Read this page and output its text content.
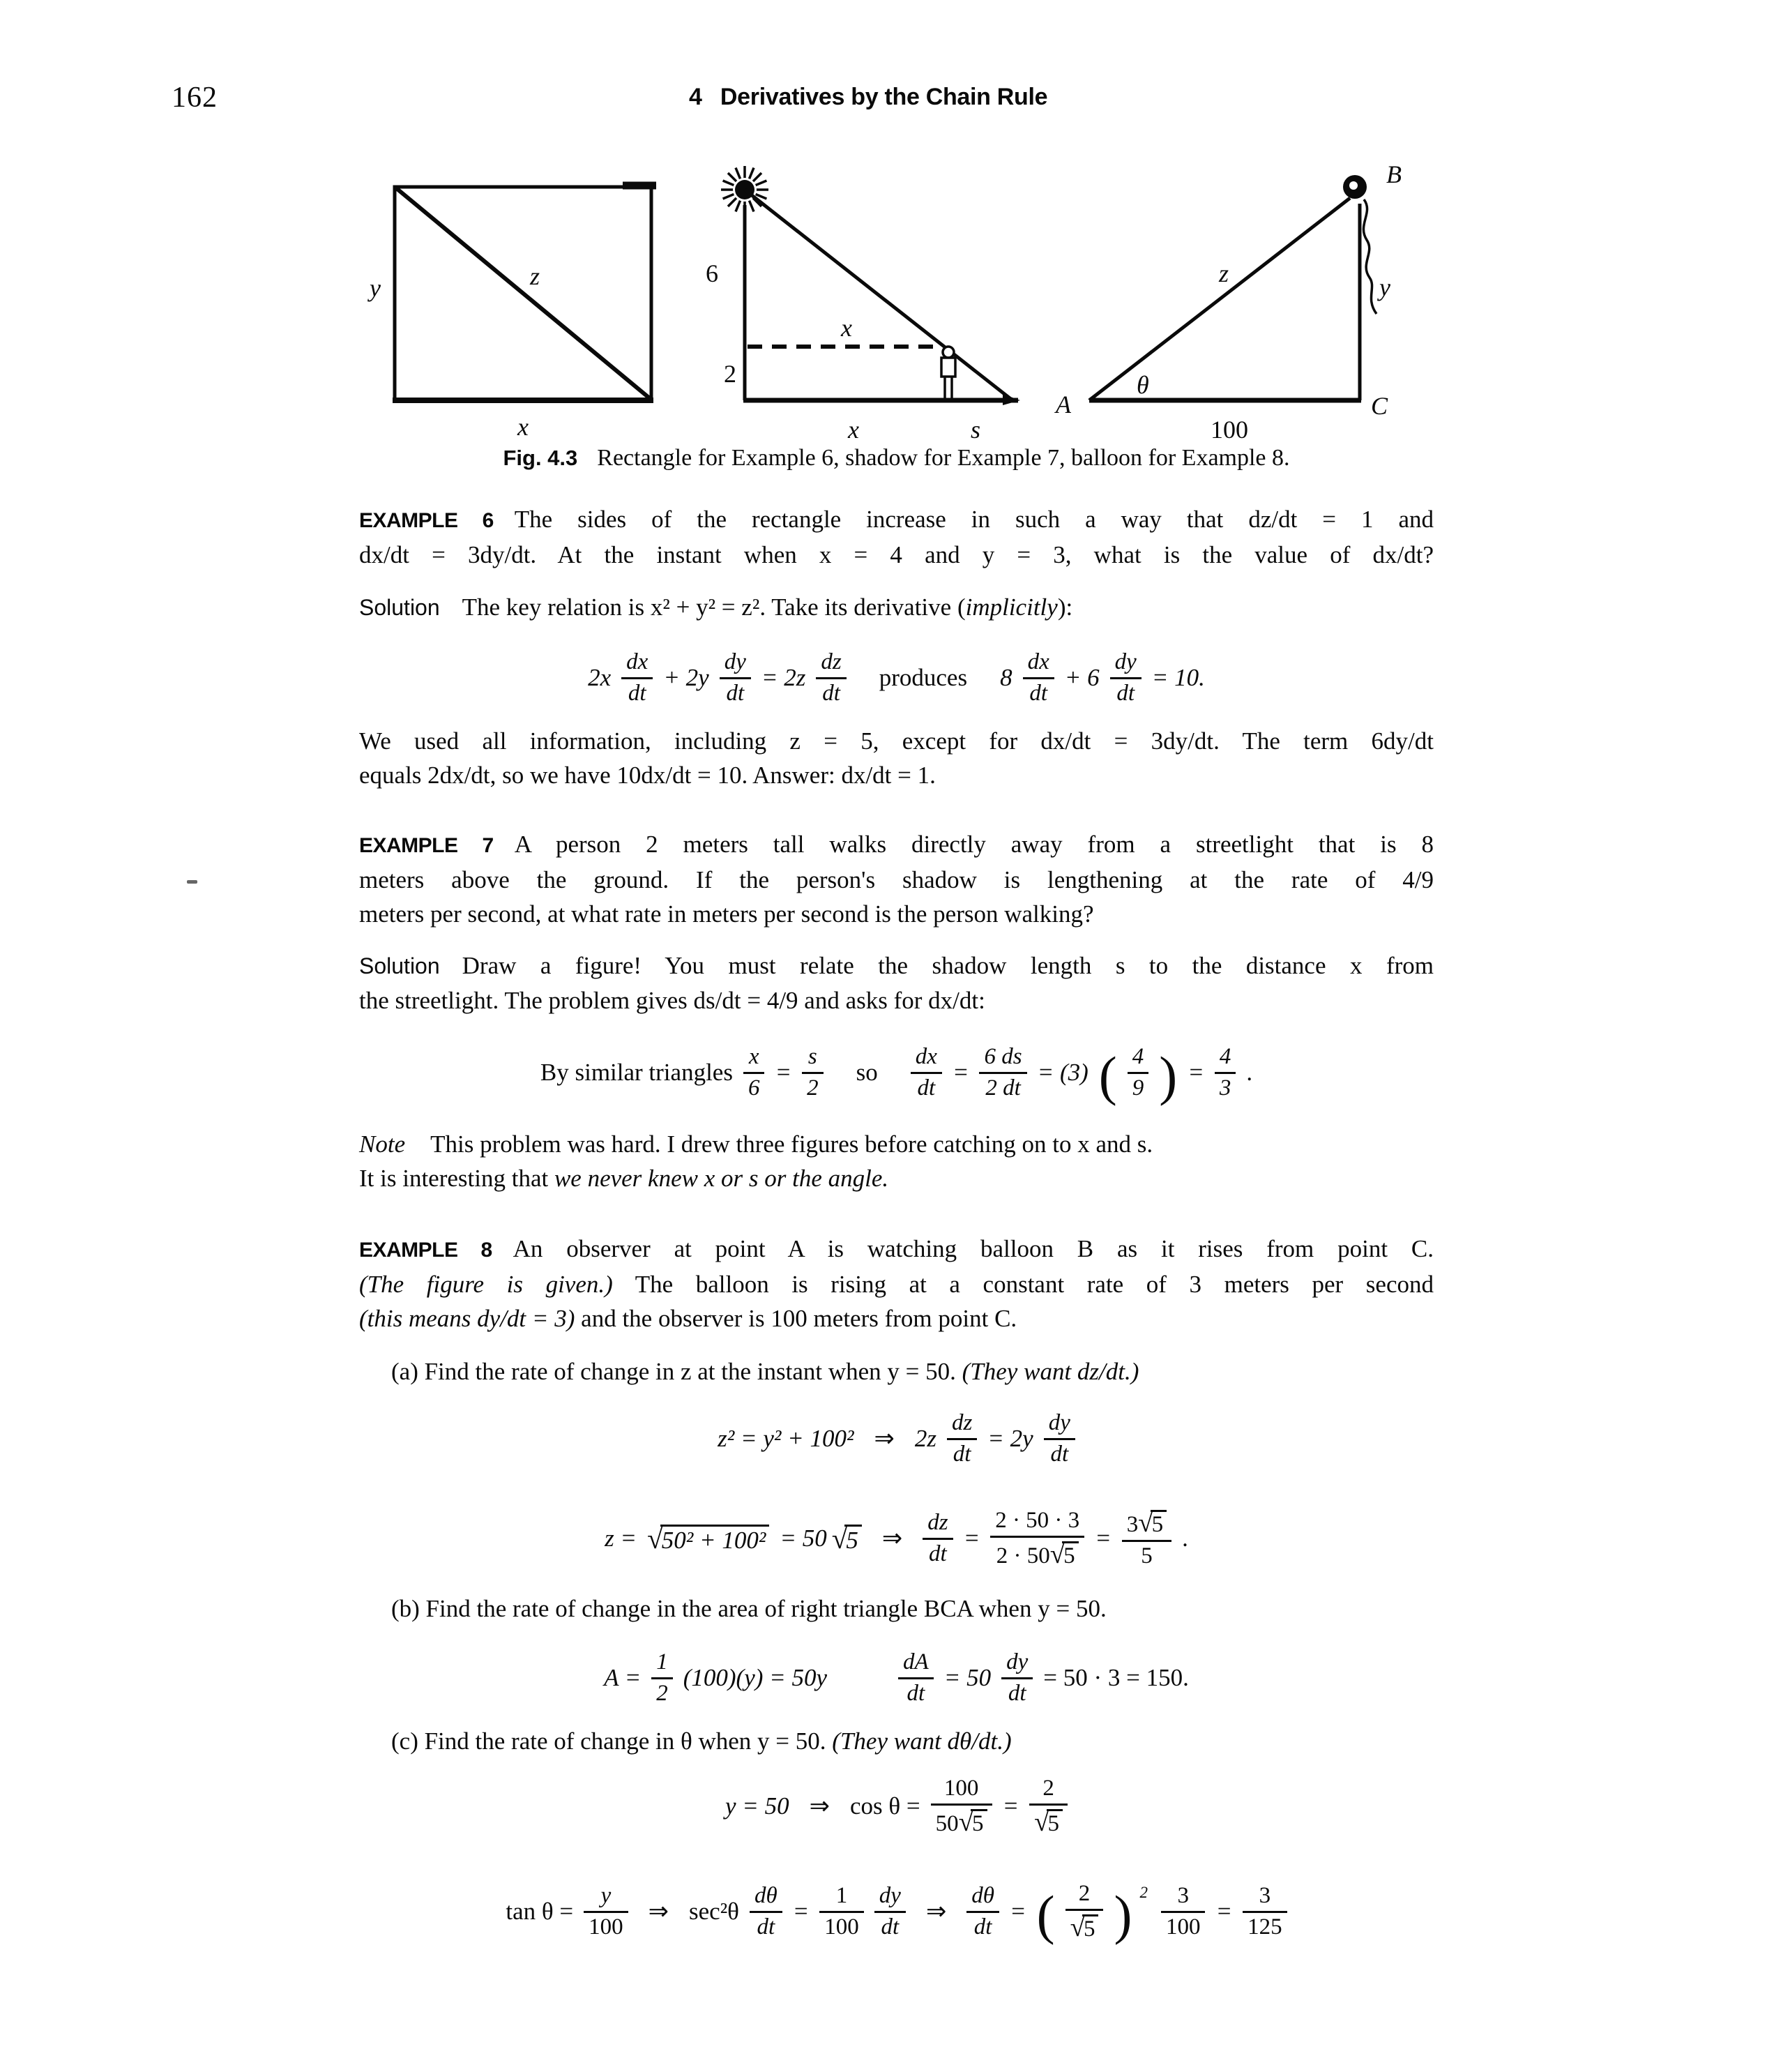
162	4 Derivatives by the Chain Rule
y	z
x
6
2
x
x	s
A
B
C
y
z
θ
100
Fig. 4.3 Rectangle for Example 6, shadow for Example 7, balloon for Example 8.
EXAMPLE 6 The sides of the rectangle increase in such a way that dz/dt = 1 and
dx/dt = 3dy/dt. At the instant when x = 4 and y = 3, what is the value of dx/dt?
Solution The key relation is x² + y² = z². Take its derivative (implicitly):
$2x \frac{dx}{dt} + 2y \frac{dy}{dt} = 2z \frac{dz}{dt}$ produces $8 \frac{dx}{dt} + 6 \frac{dy}{dt} = 10$.
We used all information, including z = 5, except for dx/dt = 3dy/dt. The term 6dy/dt
equals 2dx/dt, so we have 10dx/dt = 10. Answer: dx/dt = 1.
EXAMPLE 7 A person 2 meters tall walks directly away from a streetlight that is 8
meters above the ground. If the person's shadow is lengthening at the rate of 4/9
meters per second, at what rate in meters per second is the person walking?
Solution Draw a figure! You must relate the shadow length s to the distance x from
the streetlight. The problem gives ds/dt = 4/9 and asks for dx/dt:
By similar triangles $\frac{x}{6} = \frac{s}{2}$ so $\frac{dx}{dt} = \frac{6 ds}{2 dt} = (3)$ ( $\frac{4}{9}$ ) = $\frac{4}{3}$ .
Note This problem was hard. I drew three figures before catching on to x and s.
It is interesting that we never knew x or s or the angle.
EXAMPLE 8 An observer at point A is watching balloon B as it rises from point C.
(The figure is given.) The balloon is rising at a constant rate of 3 meters per second
(this means dy/dt = 3) and the observer is 100 meters from point C.
(a) Find the rate of change in z at the instant when y = 50. (They want dz/dt.)
z² = y² + 100² ⇒ $2z \frac{dz}{dt} = 2y \frac{dy}{dt}$
z = √50² + 100² = 50 √5 ⇒ $\frac{dz}{dt} = \frac{2 \cdot 50 \cdot 3}{2 \cdot 50√5} = \frac{3√5}{5}$ .
(b) Find the rate of change in the area of right triangle BCA when y = 50.
$A = \frac{1}{2} (100)(y) = 50y$	$\frac{dA}{dt} = 50 \frac{dy}{dt} = 50 \cdot 3 = 150$.
(c) Find the rate of change in θ when y = 50. (They want dθ/dt.)
y = 50 ⇒ $\cos \theta = \frac{100}{50√5} = \frac{2}{√5}$
$\tan \theta = \frac{y}{100}$ ⇒ $\sec^2\theta \frac{d\theta}{dt} = \frac{1}{100} \frac{dy}{dt}$ ⇒ $\frac{d\theta}{dt}$ = ( $\frac{2}{√5}$ ) $2 \frac{3}{100} = \frac{3}{125}$
